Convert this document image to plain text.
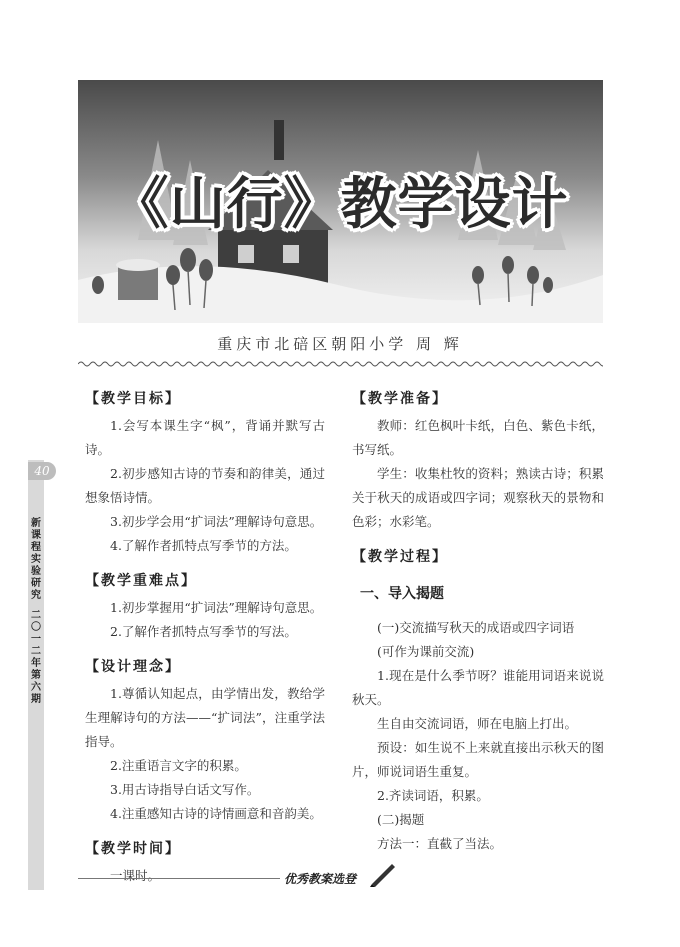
《山行》教学设计
重庆市北碚区朝阳小学 周 辉
40
新课程实验研究
二〇一二年 第六期
【教学目标】

1.会写本课生字“枫”，背诵并默写古诗。

2.初步感知古诗的节奏和韵律美，通过想象悟诗情。

3.初步学会用“扩词法”理解诗句意思。

4.了解作者抓特点写季节的方法。

【教学重难点】

1.初步掌握用“扩词法”理解诗句意思。

2.了解作者抓特点写季节的写法。

【设计理念】

1.尊循认知起点，由学情出发，教给学生理解诗句的方法——“扩词法”，注重学法指导。

2.注重语言文字的积累。

3.用古诗指导白话文写作。

4.注重感知古诗的诗情画意和音韵美。

【教学时间】

一课时。

【教学准备】

教师：红色枫叶卡纸，白色、紫色卡纸，书写纸。

学生：收集杜牧的资料；熟读古诗；积累关于秋天的成语或四字词；观察秋天的景物和色彩；水彩笔。

【教学过程】
一、导入揭题

(一)交流描写秋天的成语或四字词语

(可作为课前交流)

1.现在是什么季节呀？谁能用词语来说说秋天。

生自由交流词语，师在电脑上打出。

预设：如生说不上来就直接出示秋天的图片，师说词语生重复。

2.齐读词语，积累。

(二)揭题

方法一：直截了当法。

优秀教案选登
